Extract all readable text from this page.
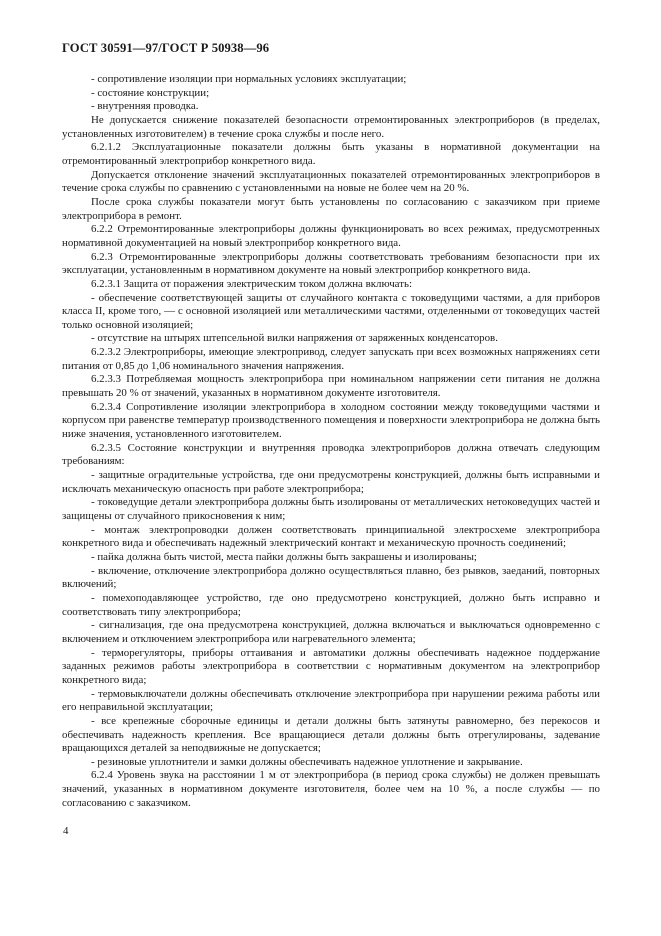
ГОСТ 30591—97/ГОСТ Р 50938—96

- сопротивление изоляции при нормальных условиях эксплуатации;

- состояние конструкции;

- внутренняя проводка.

Не допускается снижение показателей безопасности отремонтированных электроприборов (в пределах, установленных изготовителем) в течение срока службы и после него.

6.2.1.2 Эксплуатационные показатели должны быть указаны в нормативной документации на отремонтированный электроприбор конкретного вида.

Допускается отклонение значений эксплуатационных показателей отремонтированных электроприборов в течение срока службы по сравнению с установленными на новые не более чем на 20 %.

После срока службы показатели могут быть установлены по согласованию с заказчиком при приеме электроприбора в ремонт.

6.2.2 Отремонтированные электроприборы должны функционировать во всех режимах, предусмотренных нормативной документацией на новый электроприбор конкретного вида.

6.2.3 Отремонтированные электроприборы должны соответствовать требованиям безопасности при их эксплуатации, установленным в нормативном документе на новый электроприбор конкретного вида.

6.2.3.1 Защита от поражения электрическим током должна включать:

- обеспечение соответствующей защиты от случайного контакта с токоведущими частями, а для приборов класса II, кроме того, — с основной изоляцией или металлическими частями, отделенными от токоведущих частей только основной изоляцией;

- отсутствие на штырях штепсельной вилки напряжения от заряженных конденсаторов.

6.2.3.2 Электроприборы, имеющие электропривод, следует запускать при всех возможных напряжениях сети питания от 0,85 до 1,06 номинального значения напряжения.

6.2.3.3 Потребляемая мощность электроприбора при номинальном напряжении сети питания не должна превышать 20 % от значений, указанных в нормативном документе изготовителя.

6.2.3.4 Сопротивление изоляции электроприбора в холодном состоянии между токоведущими частями и корпусом при равенстве температур производственного помещения и поверхности электроприбора не должна быть ниже значения, установленного изготовителем.

6.2.3.5 Состояние конструкции и внутренняя проводка электроприборов должна отвечать следующим требованиям:

- защитные оградительные устройства, где они предусмотрены конструкцией, должны быть исправными и исключать механическую опасность при работе электроприбора;

- токоведущие детали электроприбора должны быть изолированы от металлических нетоковедущих частей и защищены от случайного прикосновения к ним;

- монтаж электропроводки должен соответствовать принципиальной электросхеме электроприбора конкретного вида и обеспечивать надежный электрический контакт и механическую прочность соединений;

- пайка должна быть чистой, места пайки должны быть закрашены и изолированы;

- включение, отключение электроприбора должно осуществляться плавно, без рывков, заеданий, повторных включений;

- помехоподавляющее устройство, где оно предусмотрено конструкцией, должно быть исправно и соответствовать типу электроприбора;

- сигнализация, где она предусмотрена конструкцией, должна включаться и выключаться одновременно с включением и отключением электроприбора или нагревательного элемента;

- терморегуляторы, приборы оттаивания и автоматики должны обеспечивать надежное поддержание заданных режимов работы электроприбора в соответствии с нормативным документом на электроприбор конкретного вида;

- термовыключатели должны обеспечивать отключение электроприбора при нарушении режима работы или его неправильной эксплуатации;

- все крепежные сборочные единицы и детали должны быть затянуты равномерно, без перекосов и обеспечивать надежность крепления. Все вращающиеся детали должны быть отрегулированы, задевание вращающихся деталей за неподвижные не допускается;

- резиновые уплотнители и замки должны обеспечивать надежное уплотнение и закрывание.

6.2.4 Уровень звука на расстоянии 1 м от электроприбора (в период срока службы) не должен превышать значений, указанных в нормативном документе изготовителя, более чем на 10 %, а после службы — по согласованию с заказчиком.

4
